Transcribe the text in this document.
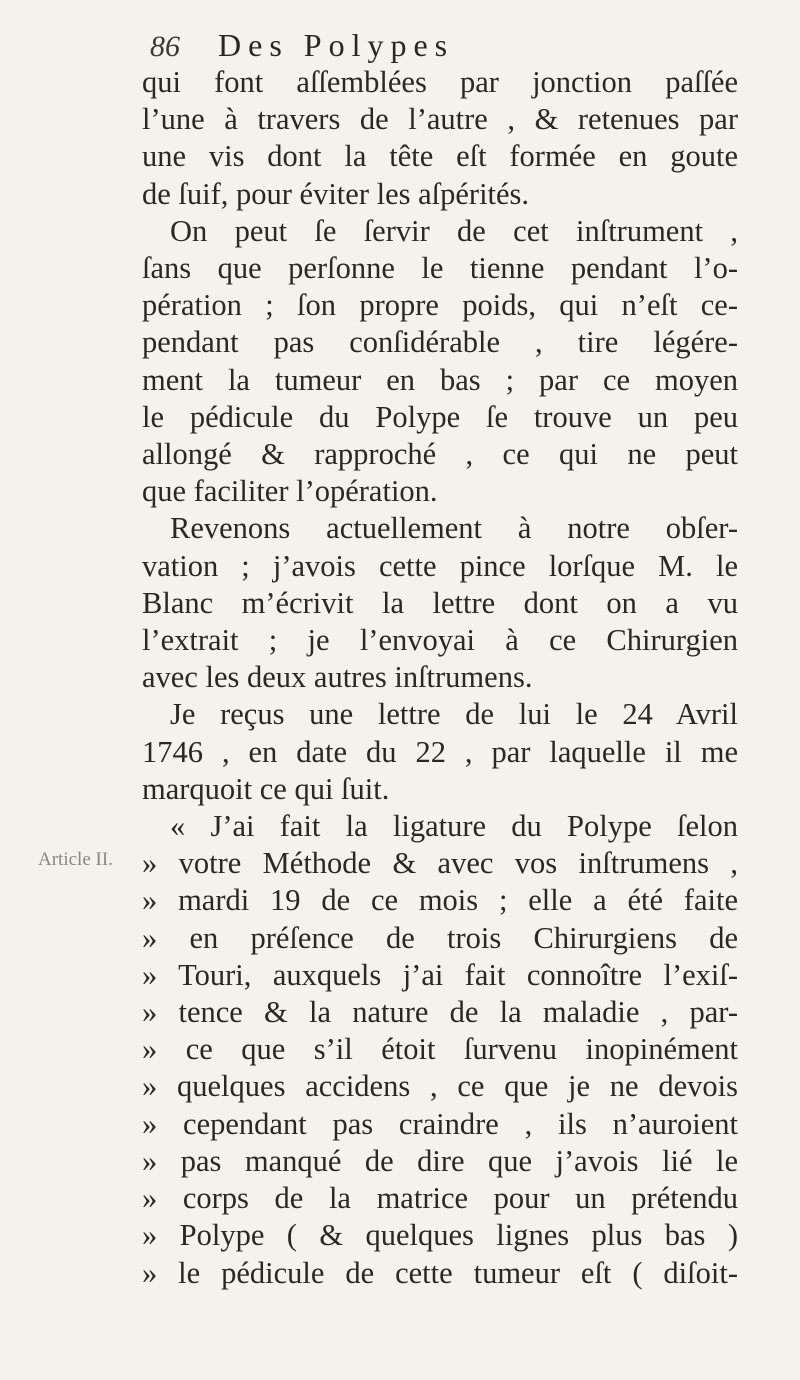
86 Des Polypes
Article II.
qui font aſſemblées par jonction paſſée
l’une à travers de l’autre , & retenues par
une vis dont la tête eſt formée en goute
de ſuif, pour éviter les aſpérités.
On peut ſe ſervir de cet inſtrument ,
ſans que perſonne le tienne pendant l’o-
pération ; ſon propre poids, qui n’eſt ce-
pendant pas conſidérable , tire légére-
ment la tumeur en bas ; par ce moyen
le pédicule du Polype ſe trouve un peu
allongé & rapproché , ce qui ne peut
que faciliter l’opération.
Revenons actuellement à notre obſer-
vation ; j’avois cette pince lorſque M. le
Blanc m’écrivit la lettre dont on a vu
l’extrait ; je l’envoyai à ce Chirurgien
avec les deux autres inſtrumens.
Je reçus une lettre de lui le 24 Avril
1746 , en date du 22 , par laquelle il me
marquoit ce qui ſuit.
« J’ai fait la ligature du Polype ſelon
» votre Méthode & avec vos inſtrumens ,
» mardi 19 de ce mois ; elle a été faite
» en préſence de trois Chirurgiens de
» Touri, auxquels j’ai fait connoître l’exiſ-
» tence & la nature de la maladie , par-
» ce que s’il étoit ſurvenu inopinément
» quelques accidens , ce que je ne devois
» cependant pas craindre , ils n’auroient
» pas manqué de dire que j’avois lié le
» corps de la matrice pour un prétendu
» Polype ( & quelques lignes plus bas )
» le pédicule de cette tumeur eſt ( diſoit-
